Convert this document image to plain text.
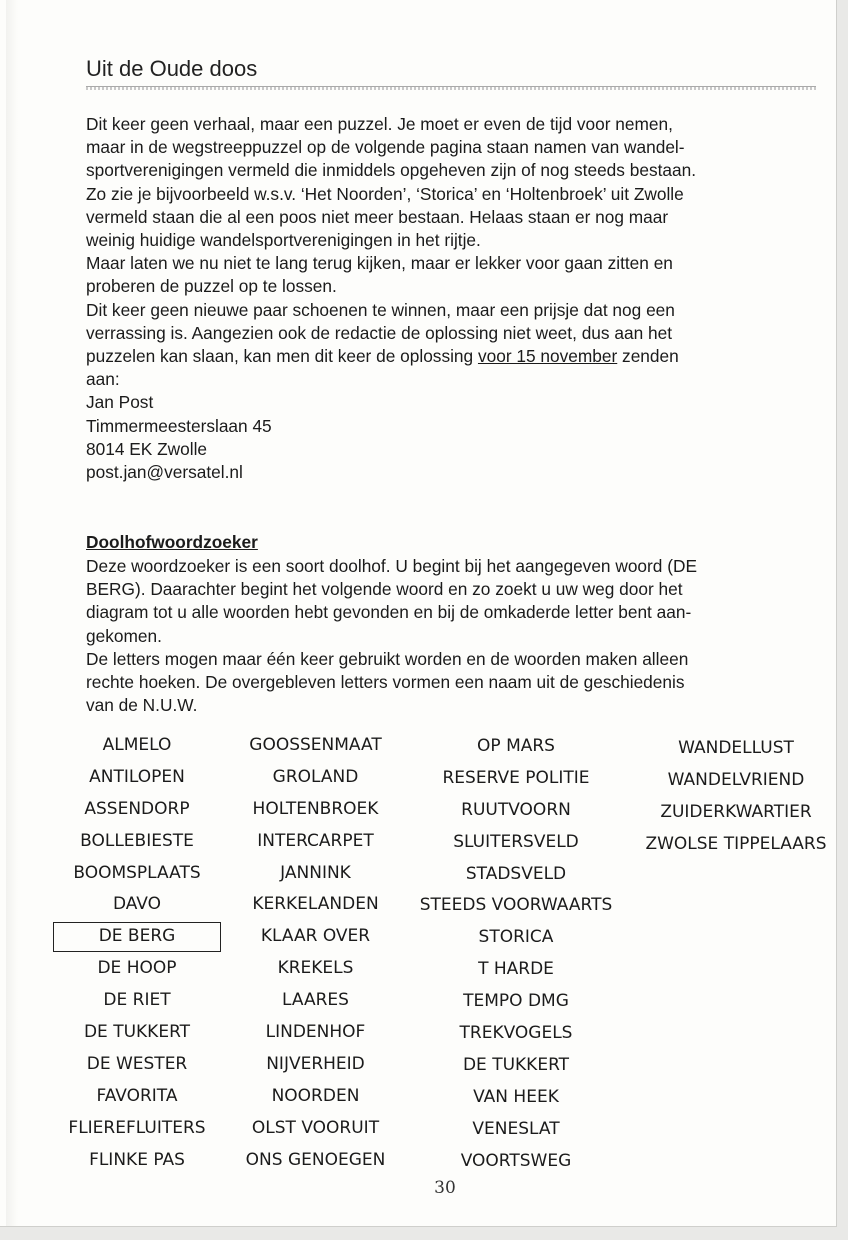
Uit de Oude doos

Dit keer geen verhaal, maar een puzzel. Je moet er even de tijd voor nemen,
maar in de wegstreeppuzzel op de volgende pagina staan namen van wandel-
sportverenigingen vermeld die inmiddels opgeheven zijn of nog steeds bestaan.
Zo zie je bijvoorbeeld w.s.v. ‘Het Noorden’, ‘Storica’ en ‘Holtenbroek’ uit Zwolle
vermeld staan die al een poos niet meer bestaan. Helaas staan er nog maar
weinig huidige wandelsportverenigingen in het rijtje.

Maar laten we nu niet te lang terug kijken, maar er lekker voor gaan zitten en
proberen de puzzel op te lossen.

Dit keer geen nieuwe paar schoenen te winnen, maar een prijsje dat nog een
verrassing is. Aangezien ook de redactie de oplossing niet weet, dus aan het
puzzelen kan slaan, kan men dit keer de oplossing voor 15 november zenden
aan:

Jan Post
Timmermeesterslaan 45
8014 EK Zwolle
post.jan@versatel.nl

Doolhofwoordzoeker

Deze woordzoeker is een soort doolhof. U begint bij het aangegeven woord (DE
BERG). Daarachter begint het volgende woord en zo zoekt u uw weg door het
diagram tot u alle woorden hebt gevonden en bij de omkaderde letter bent aan-
gekomen.

De letters mogen maar één keer gebruikt worden en de woorden maken alleen
rechte hoeken. De overgebleven letters vormen een naam uit de geschiedenis
van de N.U.W.

ALMELO
ANTILOPEN
ASSENDORP
BOLLEBIESTE
BOOMSPLAATS
DAVO
DE BERG
DE HOOP
DE RIET
DE TUKKERT
DE WESTER
FAVORITA
FLIEREFLUITERS
FLINKE PAS
GOOSSENMAAT
GROLAND
HOLTENBROEK
INTERCARPET
JANNINK
KERKELANDEN
KLAAR OVER
KREKELS
LAARES
LINDENHOF
NIJVERHEID
NOORDEN
OLST VOORUIT
ONS GENOEGEN
OP MARS
RESERVE POLITIE
RUUTVOORN
SLUITERSVELD
STADSVELD
STEEDS VOORWAARTS
STORICA
T HARDE
TEMPO DMG
TREKVOGELS
DE TUKKERT
VAN HEEK
VENESLAT
VOORTSWEG
WANDELLUST
WANDELVRIEND
ZUIDERKWARTIER
ZWOLSE TIPPELAARS
30
